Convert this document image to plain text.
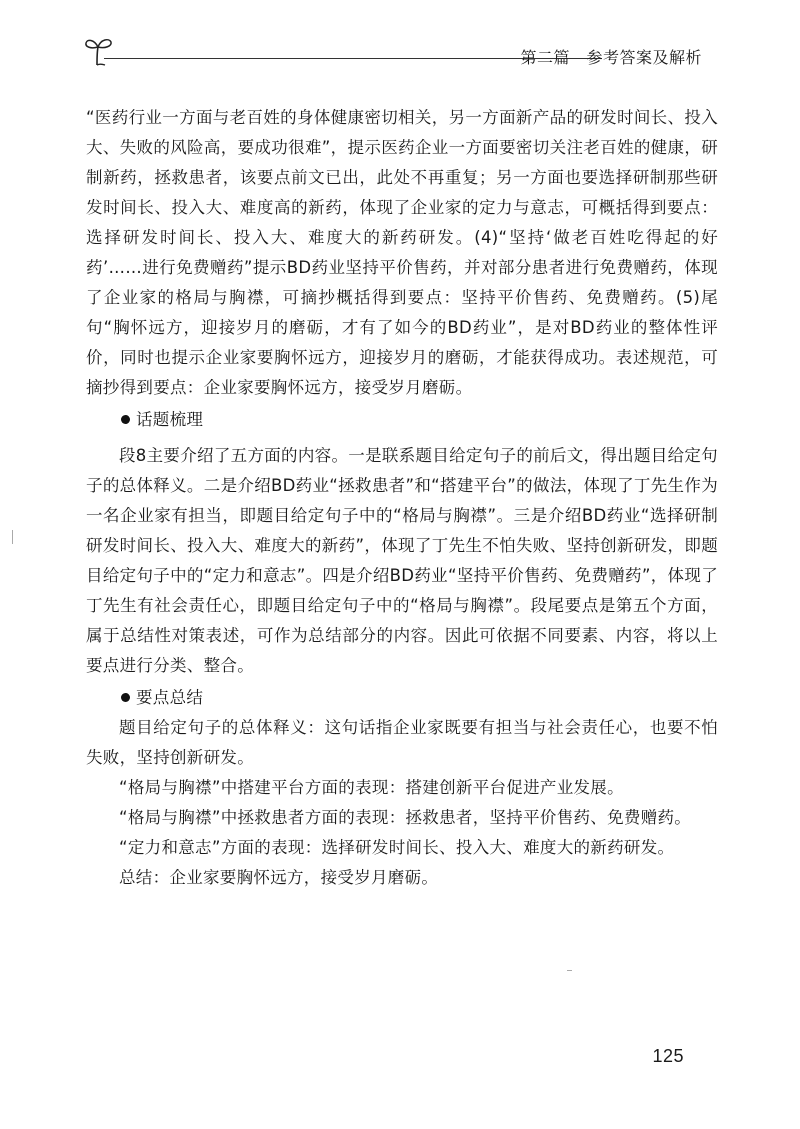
第二篇　参考答案及解析

“医药行业一方面与老百姓的身体健康密切相关，另一方面新产品的研发时间长、投入大、失败的风险高，要成功很难”，提示医药企业一方面要密切关注老百姓的健康，研制新药，拯救患者，该要点前文已出，此处不再重复；另一方面也要选择研制那些研发时间长、投入大、难度高的新药，体现了企业家的定力与意志，可概括得到要点：选择研发时间长、投入大、难度大的新药研发。(4)“坚持‘做老百姓吃得起的好药’……进行免费赠药”提示BD药业坚持平价售药，并对部分患者进行免费赠药，体现了企业家的格局与胸襟，可摘抄概括得到要点：坚持平价售药、免费赠药。(5)尾句“胸怀远方，迎接岁月的磨砺，才有了如今的BD药业”，是对BD药业的整体性评价，同时也提示企业家要胸怀远方，迎接岁月的磨砺，才能获得成功。表述规范，可摘抄得到要点：企业家要胸怀远方，接受岁月磨砺。

话题梳理

段8主要介绍了五方面的内容。一是联系题目给定句子的前后文，得出题目给定句子的总体释义。二是介绍BD药业“拯救患者”和“搭建平台”的做法，体现了丁先生作为一名企业家有担当，即题目给定句子中的“格局与胸襟”。三是介绍BD药业“选择研制研发时间长、投入大、难度大的新药”，体现了丁先生不怕失败、坚持创新研发，即题目给定句子中的“定力和意志”。四是介绍BD药业“坚持平价售药、免费赠药”，体现了丁先生有社会责任心，即题目给定句子中的“格局与胸襟”。段尾要点是第五个方面，属于总结性对策表述，可作为总结部分的内容。因此可依据不同要素、内容，将以上要点进行分类、整合。

要点总结

题目给定句子的总体释义：这句话指企业家既要有担当与社会责任心，也要不怕失败，坚持创新研发。

“格局与胸襟”中搭建平台方面的表现：搭建创新平台促进产业发展。

“格局与胸襟”中拯救患者方面的表现：拯救患者，坚持平价售药、免费赠药。

“定力和意志”方面的表现：选择研发时间长、投入大、难度大的新药研发。

总结：企业家要胸怀远方，接受岁月磨砺。

125
